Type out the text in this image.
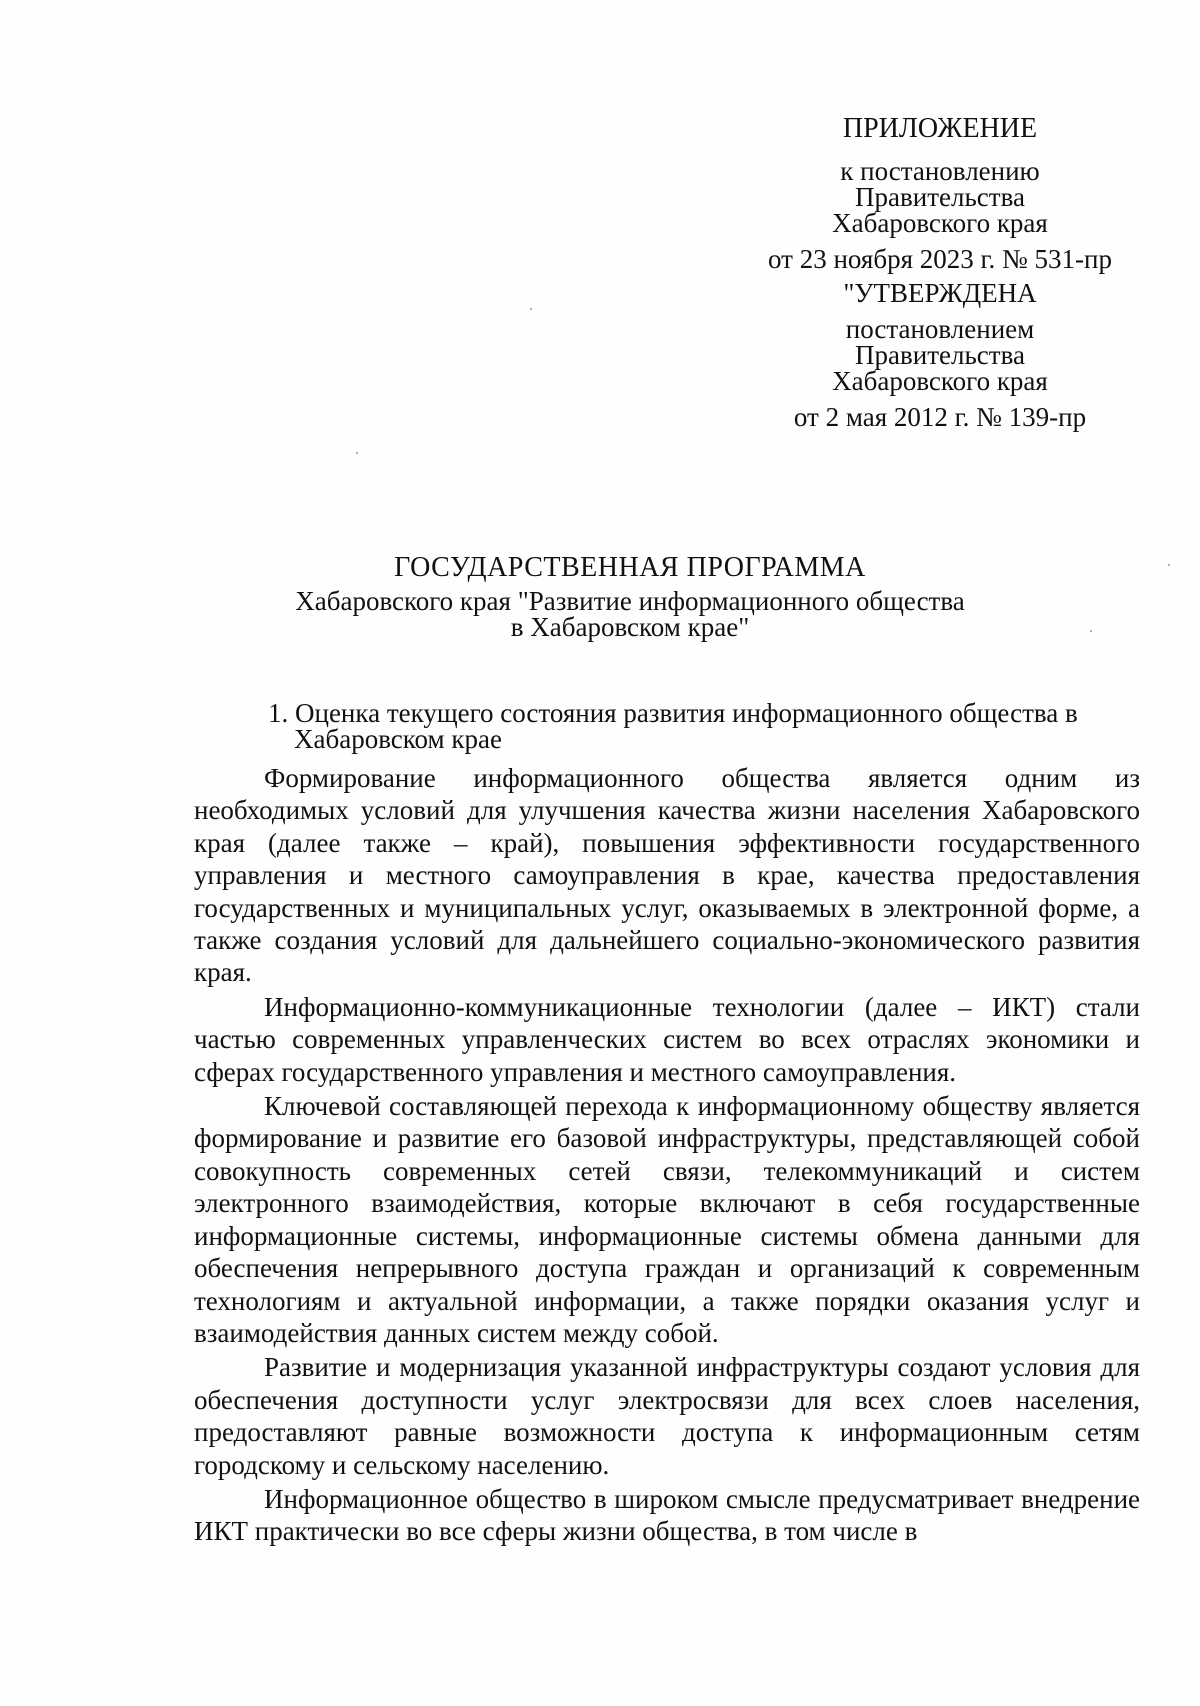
ПРИЛОЖЕНИЕ
к постановлению
Правительства
Хабаровского края
от 23 ноября 2023 г. № 531-пр
"УТВЕРЖДЕНА
постановлением
Правительства
Хабаровского края
от 2 мая 2012 г. № 139-пр
ГОСУДАРСТВЕННАЯ ПРОГРАММА
Хабаровского края "Развитие информационного общества
в Хабаровском крае"
1. Оценка текущего состояния развития информационного общества в
Хабаровском крае

Формирование информационного общества является одним из необходимых условий для улучшения качества жизни населения Хабаровского края (далее также – край), повышения эффективности государственного управления и местного самоуправления в крае, качества предоставления государственных и муниципальных услуг, оказываемых в электронной форме, а также создания условий для дальнейшего социально-экономического развития края.

Информационно-коммуникационные технологии (далее – ИКТ) стали частью современных управленческих систем во всех отраслях экономики и сферах государственного управления и местного самоуправления.

Ключевой составляющей перехода к информационному обществу является формирование и развитие его базовой инфраструктуры, представляющей собой совокупность современных сетей связи, телекоммуникаций и систем электронного взаимодействия, которые включают в себя государственные информационные системы, информационные системы обмена данными для обеспечения непрерывного доступа граждан и организаций к современным технологиям и актуальной информации, а также порядки оказания услуг и взаимодействия данных систем между собой.

Развитие и модернизация указанной инфраструктуры создают условия для обеспечения доступности услуг электросвязи для всех слоев населения, предоставляют равные возможности доступа к информационным сетям городскому и сельскому населению.

Информационное общество в широком смысле предусматривает внедрение ИКТ практически во все сферы жизни общества, в том числе в
